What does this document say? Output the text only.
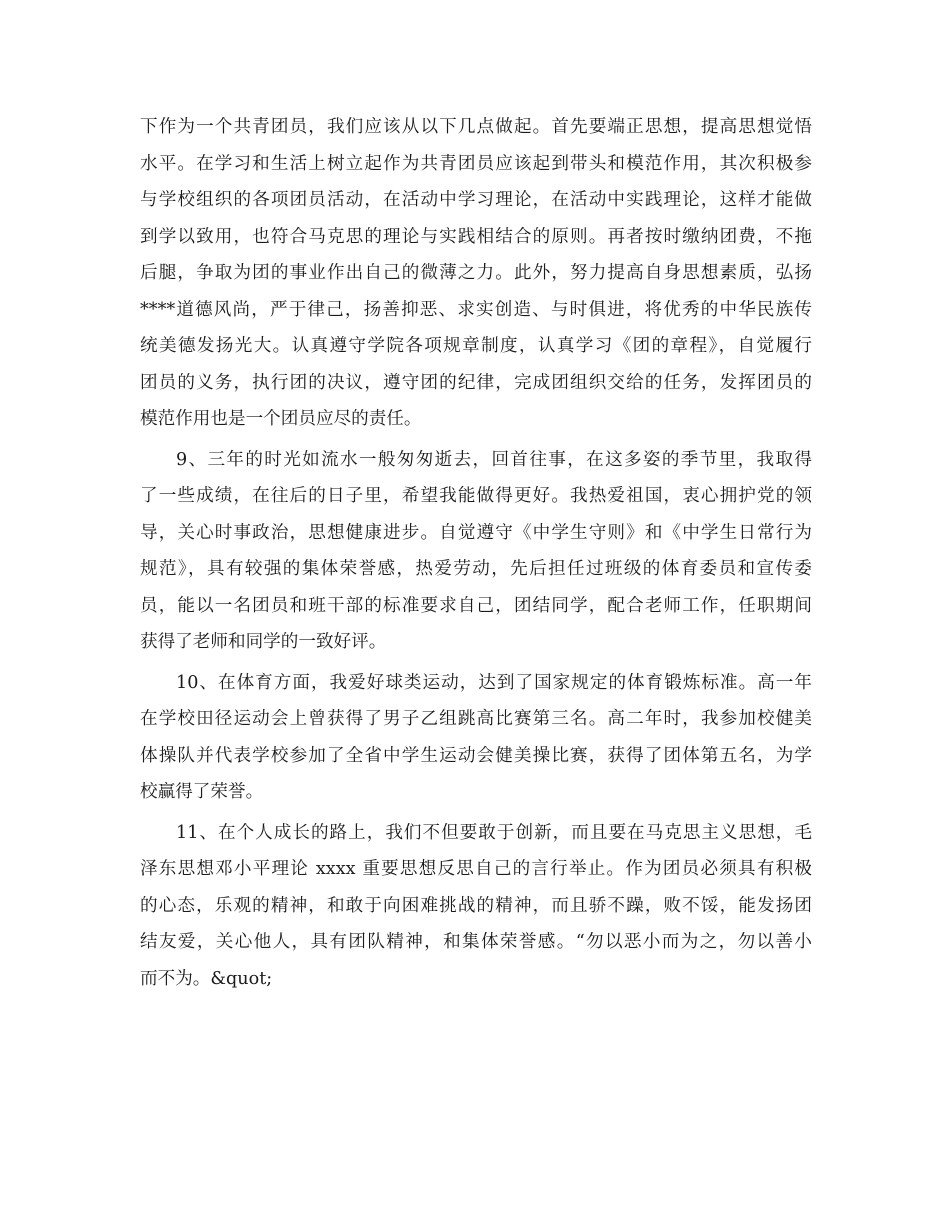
下作为一个共青团员，我们应该从以下几点做起。首先要端正思想，提高思想觉悟
水平。在学习和生活上树立起作为共青团员应该起到带头和模范作用，其次积极参
与学校组织的各项团员活动，在活动中学习理论，在活动中实践理论，这样才能做
到学以致用，也符合马克思的理论与实践相结合的原则。再者按时缴纳团费，不拖
后腿，争取为团的事业作出自己的微薄之力。此外，努力提高自身思想素质，弘扬
****道德风尚，严于律己，扬善抑恶、求实创造、与时俱进，将优秀的中华民族传
统美德发扬光大。认真遵守学院各项规章制度，认真学习《团的章程》，自觉履行
团员的义务，执行团的决议，遵守团的纪律，完成团组织交给的任务，发挥团员的
模范作用也是一个团员应尽的责任。
9、三年的时光如流水一般匆匆逝去，回首往事，在这多姿的季节里，我取得
了一些成绩，在往后的日子里，希望我能做得更好。我热爱祖国，衷心拥护党的领
导，关心时事政治，思想健康进步。自觉遵守《中学生守则》和《中学生日常行为
规范》，具有较强的集体荣誉感，热爱劳动，先后担任过班级的体育委员和宣传委
员，能以一名团员和班干部的标准要求自己，团结同学，配合老师工作，任职期间
获得了老师和同学的一致好评。
10、在体育方面，我爱好球类运动，达到了国家规定的体育锻炼标准。高一年
在学校田径运动会上曾获得了男子乙组跳高比赛第三名。高二年时，我参加校健美
体操队并代表学校参加了全省中学生运动会健美操比赛，获得了团体第五名，为学
校赢得了荣誉。
11、在个人成长的路上，我们不但要敢于创新，而且要在马克思主义思想，毛
泽东思想邓小平理论 xxxx 重要思想反思自己的言行举止。作为团员必须具有积极
的心态，乐观的精神，和敢于向困难挑战的精神，而且骄不躁，败不馁，能发扬团
结友爱，关心他人，具有团队精神，和集体荣誉感。“勿以恶小而为之，勿以善小
而不为。&quot;
